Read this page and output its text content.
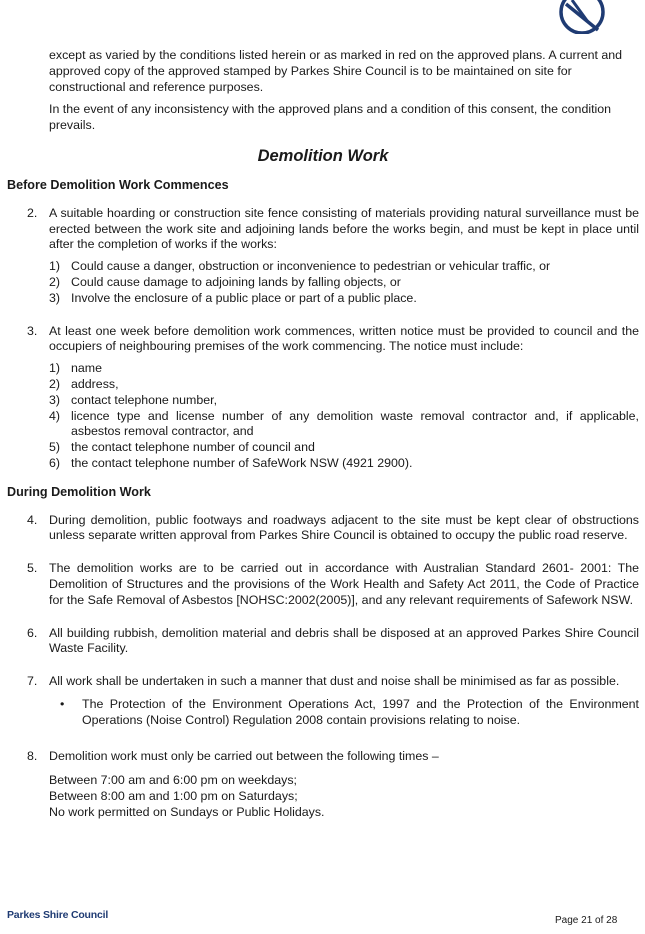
except as varied by the conditions listed herein or as marked in red on the approved plans. A current and approved copy of the approved stamped by Parkes Shire Council is to be maintained on site for constructional and reference purposes.

In the event of any inconsistency with the approved plans and a condition of this consent, the condition prevails.

Demolition Work
Before Demolition Work Commences
2. A suitable hoarding or construction site fence consisting of materials providing natural surveillance must be erected between the work site and adjoining lands before the works begin, and must be kept in place until after the completion of works if the works:
1) Could cause a danger, obstruction or inconvenience to pedestrian or vehicular traffic, or
2) Could cause damage to adjoining lands by falling objects, or
3) Involve the enclosure of a public place or part of a public place.
3. At least one week before demolition work commences, written notice must be provided to council and the occupiers of neighbouring premises of the work commencing. The notice must include:
1) name
2) address,
3) contact telephone number,
4) licence type and license number of any demolition waste removal contractor and, if applicable, asbestos removal contractor, and
5) the contact telephone number of council and
6) the contact telephone number of SafeWork NSW (4921 2900).
During Demolition Work
4. During demolition, public footways and roadways adjacent to the site must be kept clear of obstructions unless separate written approval from Parkes Shire Council is obtained to occupy the public road reserve.
5. The demolition works are to be carried out in accordance with Australian Standard 2601- 2001: The Demolition of Structures and the provisions of the Work Health and Safety Act 2011, the Code of Practice for the Safe Removal of Asbestos [NOHSC:2002(2005)], and any relevant requirements of Safework NSW.
6. All building rubbish, demolition material and debris shall be disposed at an approved Parkes Shire Council Waste Facility.
7. All work shall be undertaken in such a manner that dust and noise shall be minimised as far as possible.
• The Protection of the Environment Operations Act, 1997 and the Protection of the Environment Operations (Noise Control) Regulation 2008 contain provisions relating to noise.
8. Demolition work must only be carried out between the following times –
Between 7:00 am and 6:00 pm on weekdays;
Between 8:00 am and 1:00 pm on Saturdays;
No work permitted on Sundays or Public Holidays.
Parkes Shire Council	Page 21 of 28
